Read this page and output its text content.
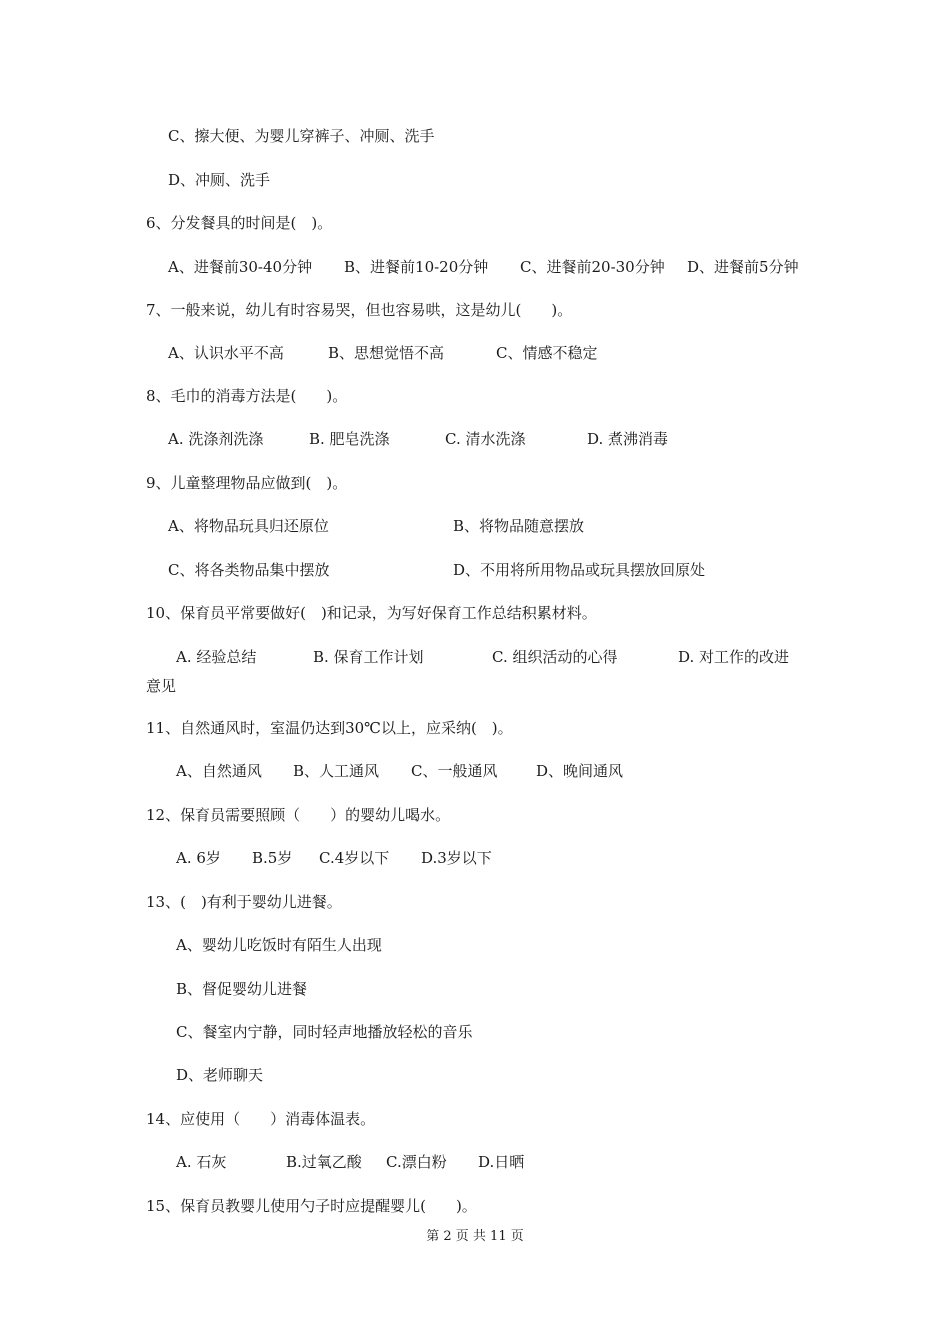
C、擦大便、为婴儿穿裤子、冲厕、洗手
D、冲厕、洗手
6、分发餐具的时间是(　)。
A、进餐前30-40分钟	B、进餐前10-20分钟	C、进餐前20-30分钟	D、进餐前5分钟
7、一般来说，幼儿有时容易哭，但也容易哄，这是幼儿(　　)。
A、认识水平不高	B、思想觉悟不高	C、情感不稳定
8、毛巾的消毒方法是(　　)。
A. 洗涤剂洗涤	B. 肥皂洗涤	C. 清水洗涤	D. 煮沸消毒
9、儿童整理物品应做到(　)。
A、将物品玩具归还原位	B、将物品随意摆放
C、将各类物品集中摆放	D、不用将所用物品或玩具摆放回原处
10、保育员平常要做好(　)和记录，为写好保育工作总结积累材料。
A. 经验总结	B. 保育工作计划	C. 组织活动的心得	D. 对工作的改进
意见
11、自然通风时，室温仍达到30℃以上，应采纳(　)。
A、自然通风	B、人工通风	C、一般通风	D、晚间通风
12、保育员需要照顾（　　）的婴幼儿喝水。
A. 6岁	B.5岁	C.4岁以下	D.3岁以下
13、(　)有利于婴幼儿进餐。
A、婴幼儿吃饭时有陌生人出现
B、督促婴幼儿进餐
C、餐室内宁静，同时轻声地播放轻松的音乐
D、老师聊天
14、应使用（　　）消毒体温表。
A. 石灰	B.过氧乙酸	C.漂白粉	D.日晒
15、保育员教婴儿使用勺子时应提醒婴儿(　　)。
第 2 页 共 11 页
